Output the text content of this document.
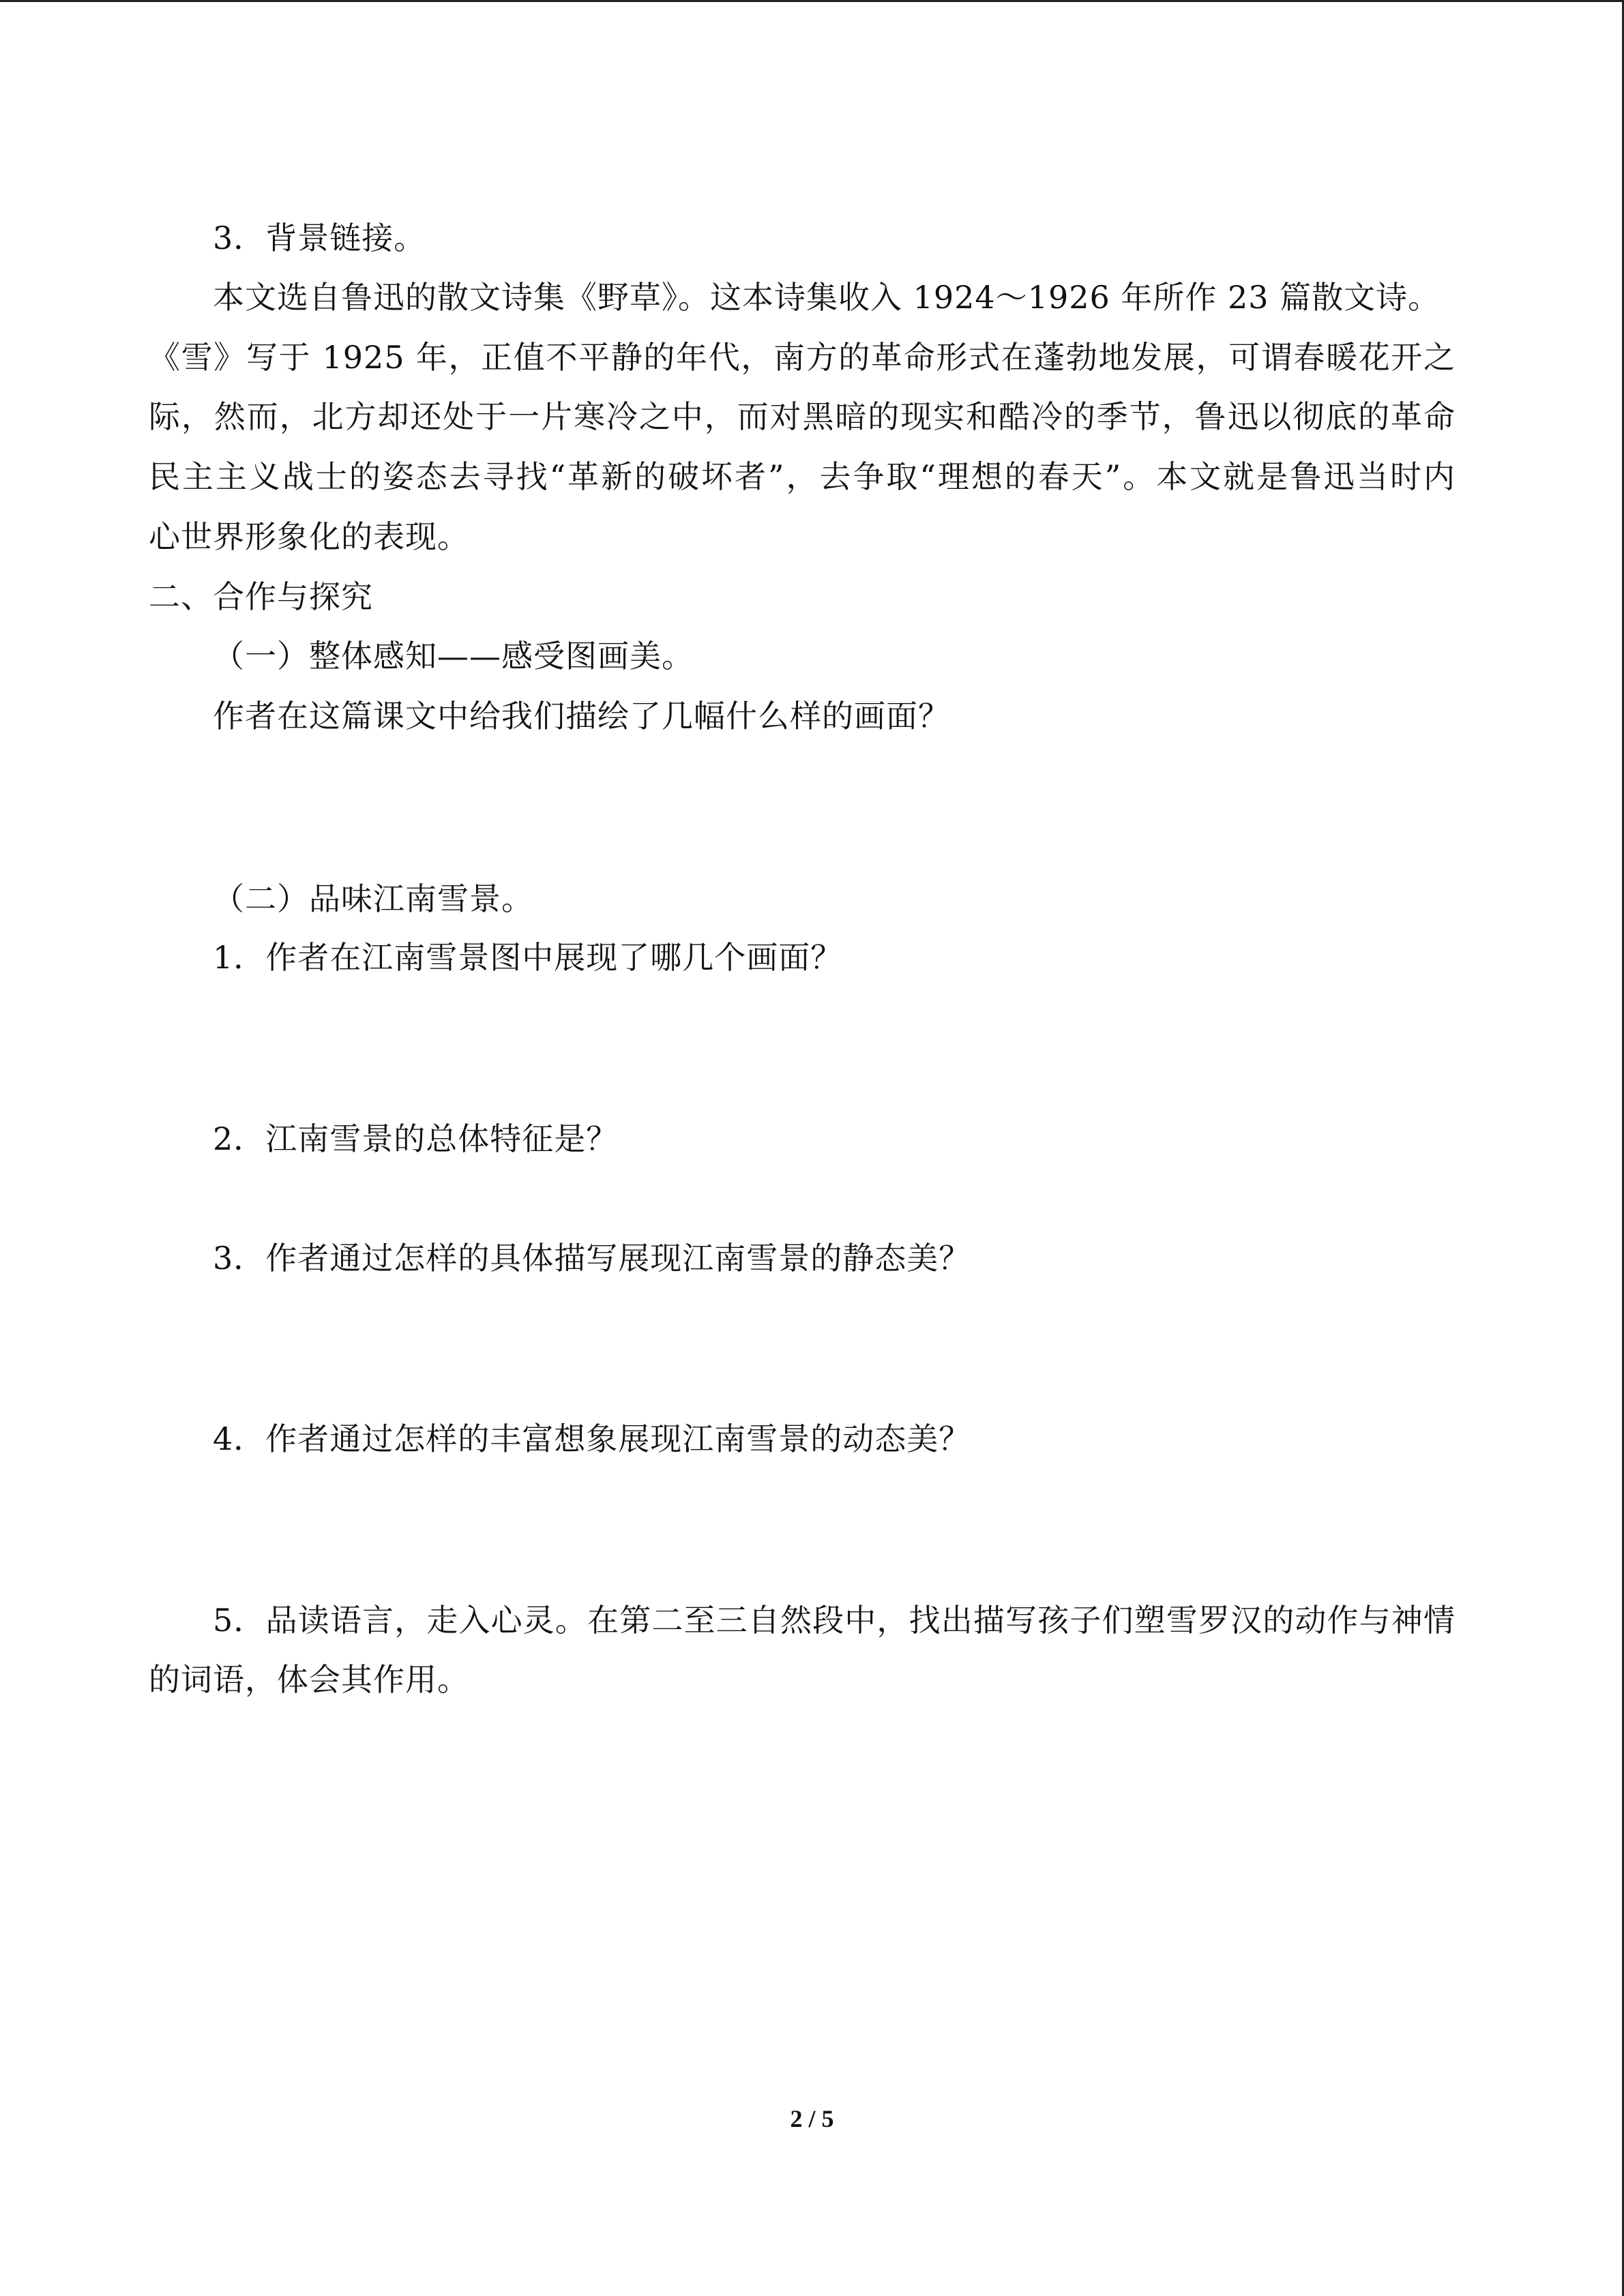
3．背景链接。
本文选自鲁迅的散文诗集《野草》。这本诗集收入 1924～1926 年所作 23 篇散文诗。
《雪》写于 1925 年，正值不平静的年代，南方的革命形式在蓬勃地发展，可谓春暖花开之
际，然而，北方却还处于一片寒冷之中，而对黑暗的现实和酷冷的季节，鲁迅以彻底的革命
民主主义战士的姿态去寻找“革新的破坏者”，去争取“理想的春天”。本文就是鲁迅当时内
心世界形象化的表现。
二、合作与探究
（一）整体感知——感受图画美。
作者在这篇课文中给我们描绘了几幅什么样的画面？
（二）品味江南雪景。
1．作者在江南雪景图中展现了哪几个画面？
2．江南雪景的总体特征是？
3．作者通过怎样的具体描写展现江南雪景的静态美？
4．作者通过怎样的丰富想象展现江南雪景的动态美？
5．品读语言，走入心灵。在第二至三自然段中，找出描写孩子们塑雪罗汉的动作与神情
的词语，体会其作用。
2 / 5
